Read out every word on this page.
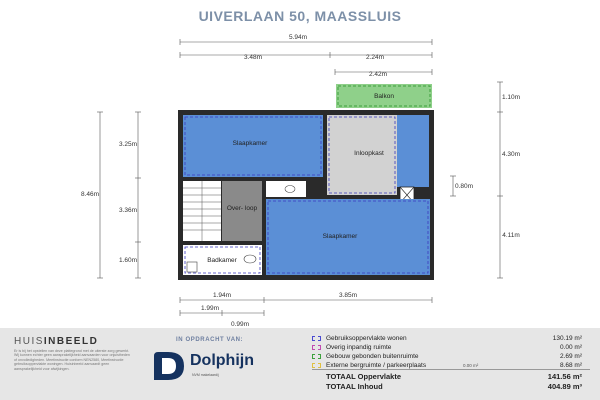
UIVERLAAN 50, MAASSLUIS
5.94m
3.48m	2.24m
2.42m
8.46m
3.25m
3.36m
1.60m
1.10m
4.30m
4.11m
0.80m
1.94m	3.85m
1.99m
0.99m
Balkon
Slaapkamer
Inloopkast
Over- loop
Slaapkamer
Badkamer
HUISINBEELD
Er is bij het opstellen van deze plattegrond met de uiterste zorg gewerkt. Wij kunnen echter geen aansprakelijkheid aanvaarden voor onjuistheden of onvolledigheden. Meetinstructie conform NEN2580, Meetinstructie gebruiksoppervlakte woningen. Huisinbeeld aanvaardt geen aansprakelijkheid voor afwijkingen.
IN OPDRACHT VAN:
Dolphijn
NVM makelaardij
Gebruiksoppervlakte wonen	130.19 m²
Overig inpandig ruimte	0.00 m²
Gebouw gebonden buitenruimte	2.69 m²
Externe bergruimte / parkeerplaats	0.00 m²	8.68 m²
TOTAAL Oppervlakte	141.56 m²
TOTAAL Inhoud	404.89 m³
